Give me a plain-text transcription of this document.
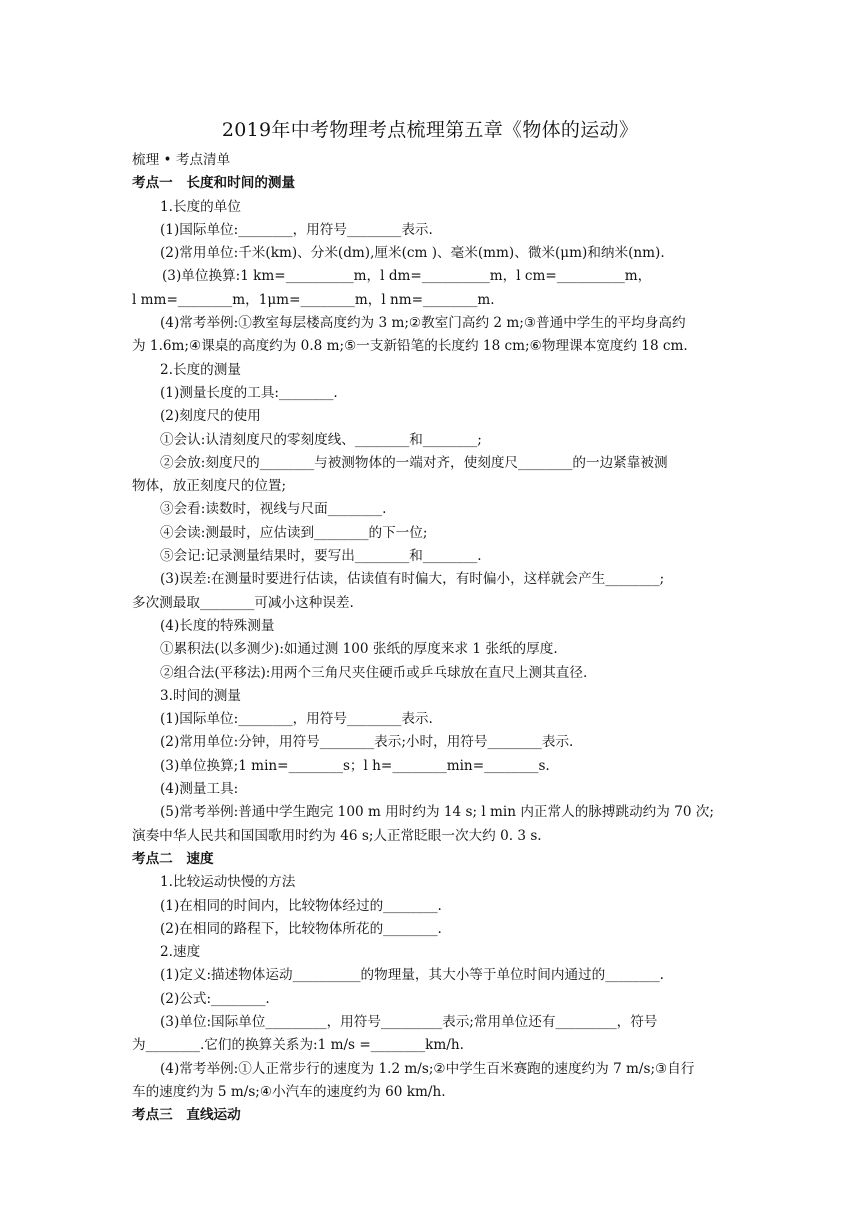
2019年中考物理考点梳理第五章《物体的运动》
梳理 • 考点清单
考点一　长度和时间的测量
1.长度的单位
(1)国际单位:________，用符号________表示.
(2)常用单位:千米(km)、分米(dm),厘米(cm )、毫米(mm)、微米(μm)和纳米(nm).
(3)单位换算:1 km=__________m，l dm=__________m，l cm=__________m，
l mm=________m，1μm=________m，l nm=________m.
(4)常考举例:①教室每层楼高度约为 3 m;②教室门高约 2 m;③普通中学生的平均身高约
为 1.6m;④课桌的高度约为 0.8 m;⑤一支新铅笔的长度约 18 cm;⑥物理课本宽度约 18 cm.
2.长度的测量
(1)测量长度的工具:________.
(2)刻度尺的使用
①会认:认清刻度尺的零刻度线、________和________;
②会放:刻度尺的________与被测物体的一端对齐，使刻度尺________的一边紧靠被测
物体，放正刻度尺的位置;
③会看:读数时，视线与尺面________.
④会读:测最时，应估读到________的下一位;
⑤会记:记录测量结果时，要写出________和________.
(3)误差:在测量时要进行估读，估读值有时偏大，有时偏小，这样就会产生________;
多次测最取________可减小这种误差.
(4)长度的特殊测量
①累积法(以多测少):如通过测 100 张纸的厚度来求 1 张纸的厚度.
②组合法(平移法):用两个三角尺夹住硬币或乒乓球放在直尺上测其直径.
3.时间的测量
(1)国际单位:________，用符号________表示.
(2)常用单位:分钟，用符号________表示;小时，用符号________表示.
(3)单位换算;1 min=________s；l h=________min=________s.
(4)测量工具:
(5)常考举例:普通中学生跑完 100 m 用时约为 14 s; l min 内正常人的脉搏跳动约为 70 次;
演奏中华人民共和国国歌用时约为 46 s;人正常眨眼一次大约 0. 3 s.
考点二　速度
1.比较运动快慢的方法
(1)在相同的时间内，比较物体经过的________.
(2)在相同的路程下，比较物体所花的________.
2.速度
(1)定义:描述物体运动__________的物理量，其大小等于单位时间内通过的________.
(2)公式:________.
(3)单位:国际单位_________，用符号_________表示;常用单位还有_________，符号
为________.它们的换算关系为:1 m/s =________km/h.
(4)常考举例:①人正常步行的速度为 1.2 m/s;②中学生百米赛跑的速度约为 7 m/s;③自行
车的速度约为 5 m/s;④小汽车的速度约为 60 km/h.
考点三　直线运动
